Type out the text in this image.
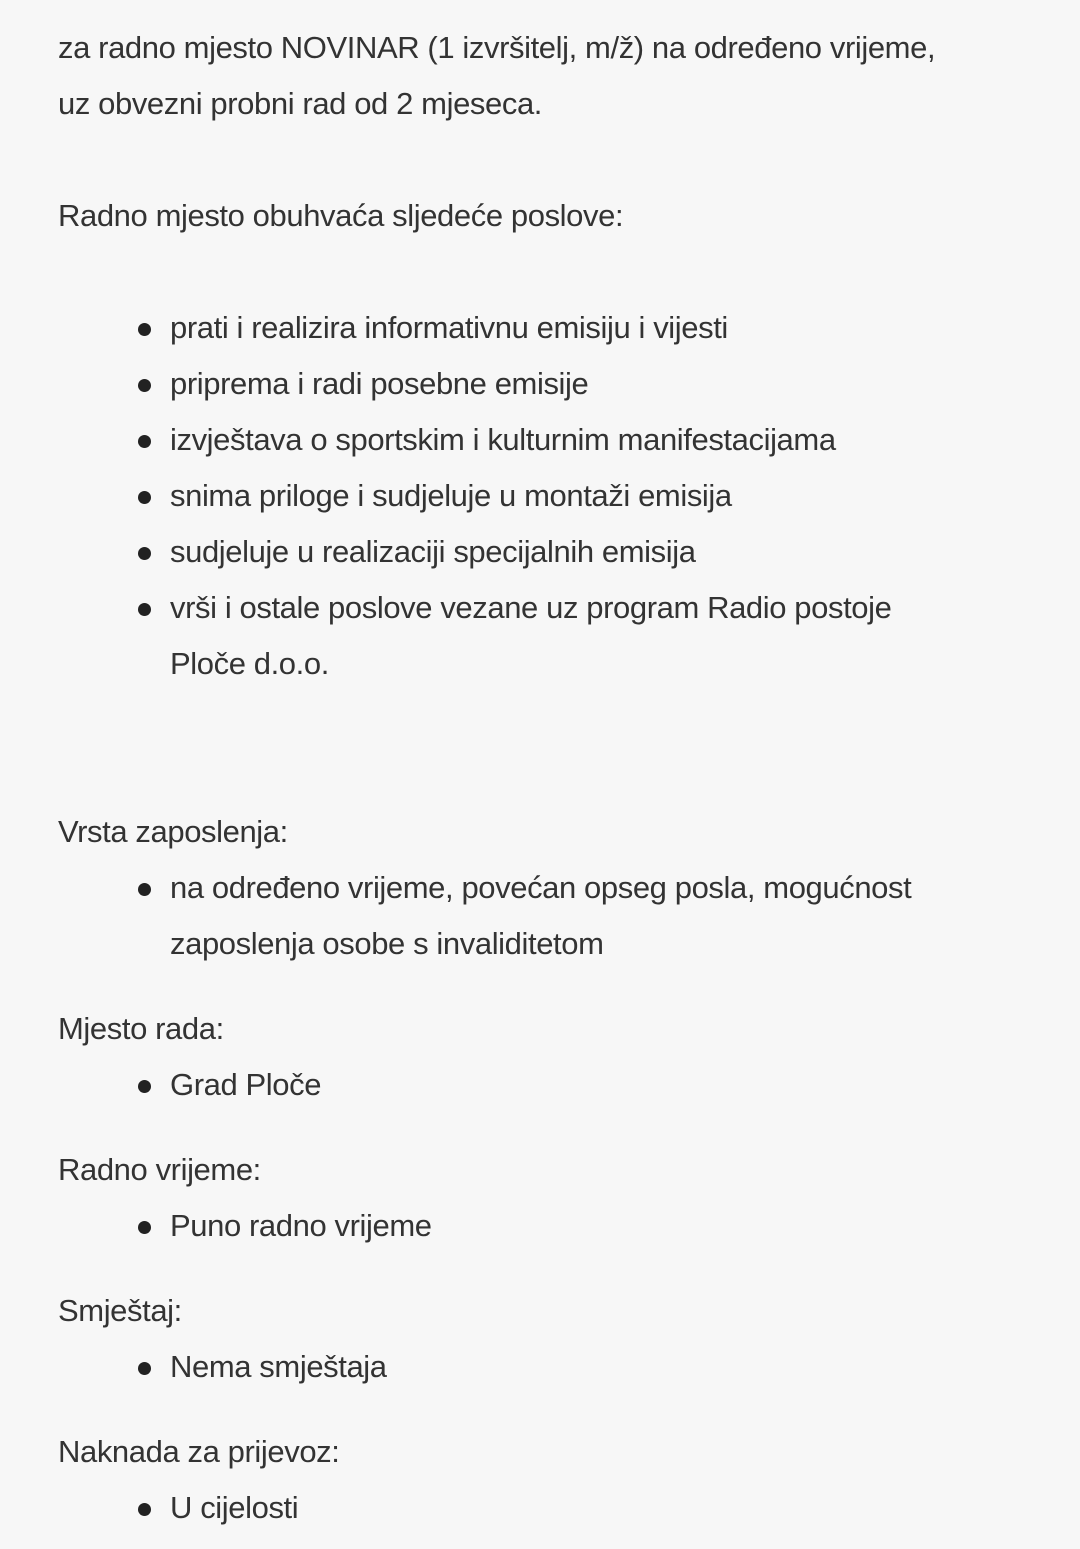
za radno mjesto NOVINAR (1 izvršitelj, m/ž) na određeno vrijeme,

uz obvezni probni rad od 2 mjeseca.

Radno mjesto obuhvaća sljedeće poslove:

prati i realizira informativnu emisiju i vijesti
priprema i radi posebne emisije
izvještava o sportskim i kulturnim manifestacijama
snima priloge i sudjeluje u montaži emisija
sudjeluje u realizaciji specijalnih emisija
vrši i ostale poslove vezane uz program Radio postoje Ploče d.o.o.

Vrsta zaposlenja:

na određeno vrijeme, povećan opseg posla, mogućnost zaposlenja osobe s invaliditetom

Mjesto rada:

Grad Ploče

Radno vrijeme:

Puno radno vrijeme

Smještaj:

Nema smještaja

Naknada za prijevoz:

U cijelosti
